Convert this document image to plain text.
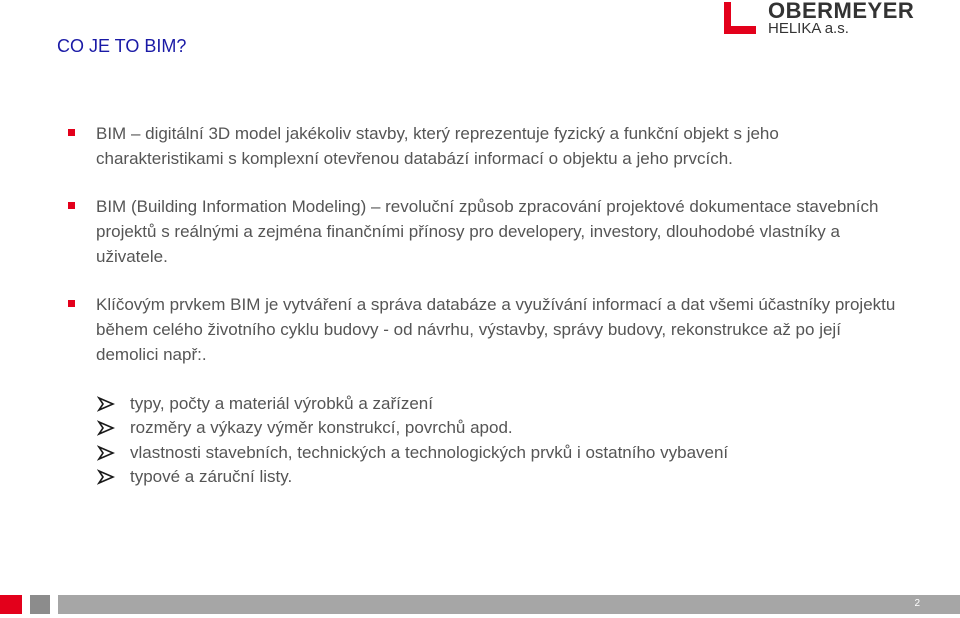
CO JE TO BIM?
OBERMEYER
HELIKA a.s.
BIM – digitální 3D model jakékoliv stavby, který reprezentuje fyzický a funkční objekt s jeho charakteristikami s komplexní otevřenou databází informací o objektu a jeho prvcích.
BIM (Building Information Modeling) – revoluční způsob zpracování projektové dokumentace stavebních projektů s reálnými a zejména finančními přínosy pro developery, investory, dlouhodobé vlastníky a uživatele.
Klíčovým prvkem BIM je vytváření a správa databáze a využívání informací a dat všemi účastníky projektu během celého životního cyklu budovy - od návrhu, výstavby, správy budovy, rekonstrukce až po její demolici např:.
typy, počty a materiál výrobků a zařízení
rozměry a výkazy výměr konstrukcí, povrchů apod.
vlastnosti stavebních, technických a technologických prvků i ostatního vybavení
typové a záruční listy.
2
